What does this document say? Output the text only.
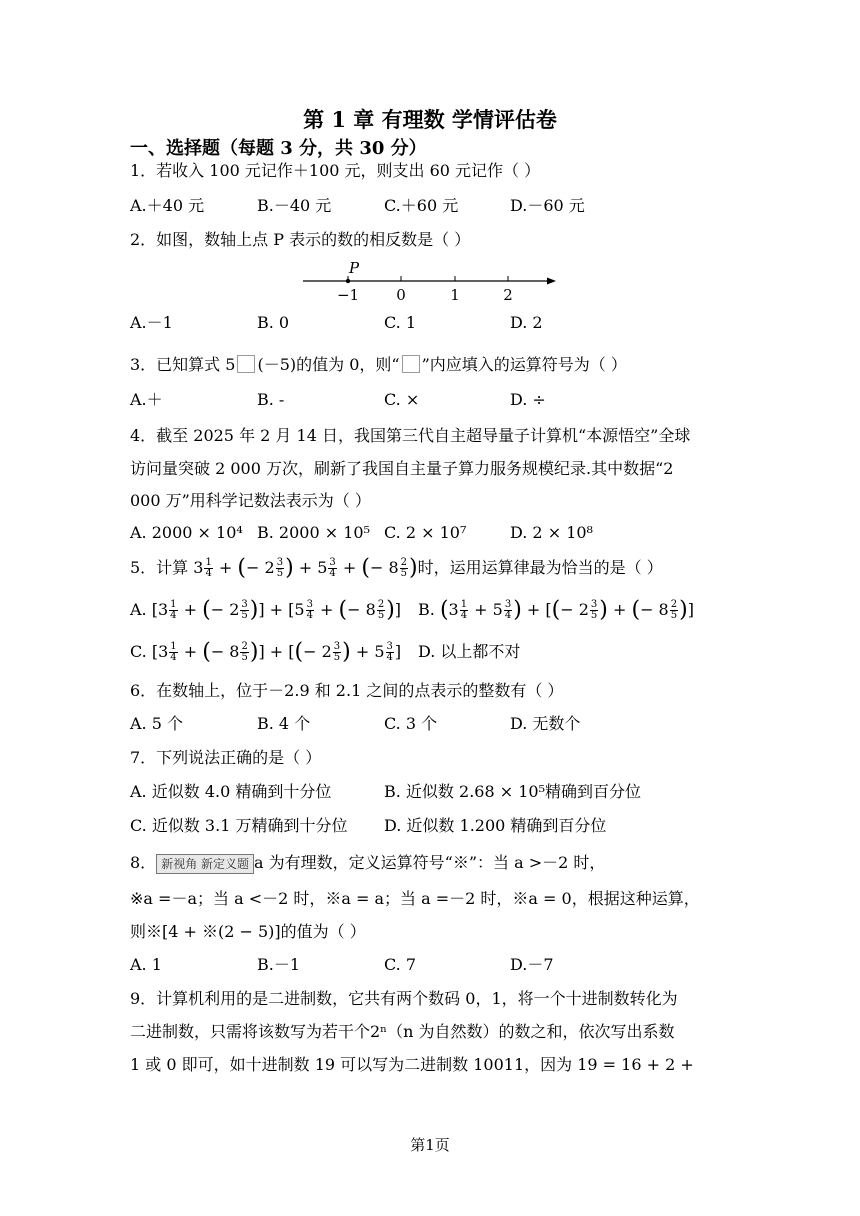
第 1 章 有理数 学情评估卷
一、选择题（每题 3 分，共 30 分）
1．若收入 100 元记作＋100 元，则支出 60 元记作（ ）
A.＋40 元	B.－40 元	C.＋60 元	D.－60 元
2．如图，数轴上点 P 表示的数的相反数是（ ）
P
−1 0	1	2
A.－1	B. 0	C. 1	D. 2
3．已知算式 5 (－5)的值为 0，则“ ”内应填入的运算符号为（ ）
A.＋	B. -	C. ×	D. ÷
4．截至 2025 年 2 月 14 日，我国第三代自主超导量子计算机“本源悟空”全球
访问量突破 2 000 万次，刷新了我国自主量子算力服务规模纪录.其中数据“2
000 万”用科学记数法表示为（ ）
A. 2000 × 10⁴ B. 2000 × 10⁵ C. 2 × 10⁷	D. 2 × 10⁸
5．计算 $3 \frac{1}{4}$ + (− $2 \frac{3}{5}$ ) + $5 \frac{3}{4}$ + (− $8 \frac{2}{5}$ )时，运用运算律最为恰当的是（ ）
A. [$3 \frac{1}{4}$ + (− $2 \frac{3}{5}$ )] + [$5 \frac{3}{4}$ + (− $8 \frac{2}{5}$ )] B. ($3 \frac{1}{4} + 5 \frac{3}{4}$ ) + [(− $2 \frac{3}{5}$ ) + (− $8 \frac{2}{5}$ )]
C. [$3 \frac{1}{4}$ + (− $8 \frac{2}{5}$ )] + [(− $2 \frac{3}{5}$ ) + $5 \frac{3}{4}$ ] D. 以上都不对
6．在数轴上，位于－2.9 和 2.1 之间的点表示的整数有（ ）
A. 5 个	B. 4 个	C. 3 个	D. 无数个
7．下列说法正确的是（ ）
A. 近似数 4.0 精确到十分位	B. 近似数 2.68 × 10⁵精确到百分位
C. 近似数 3.1 万精确到十分位 D. 近似数 1.200 精确到百分位
8． 新视角 新定义题 a 为有理数，定义运算符号“※”：当 a >－2 时，
※a =－a；当 a <－2 时，※a = a；当 a =－2 时，※a = 0，根据这种运算，
则※[4 + ※(2 − 5)]的值为（ ）
A. 1	B.－1	C. 7	D.－7
9．计算机利用的是二进制数，它共有两个数码 0，1，将一个十进制数转化为
二进制数，只需将该数写为若干个2ⁿ（n 为自然数）的数之和，依次写出系数
1 或 0 即可，如十进制数 19 可以写为二进制数 10011，因为 19 = 16 + 2 +
第1页
